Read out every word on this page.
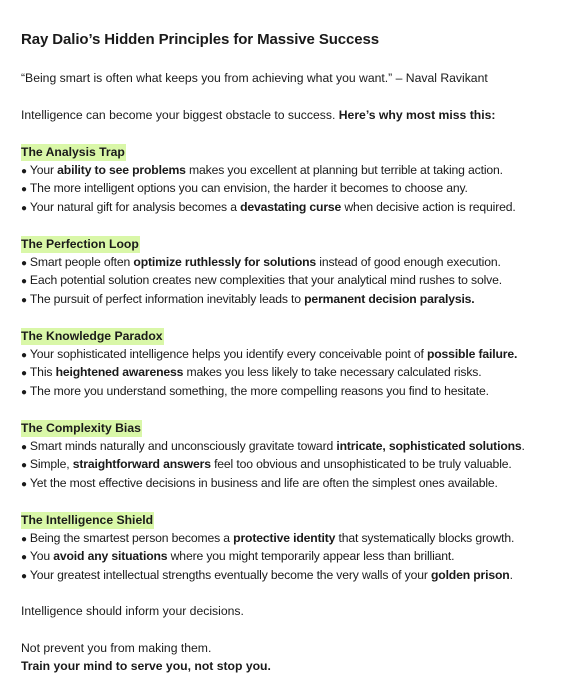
Ray Dalio’s Hidden Principles for Massive Success
“Being smart is often what keeps you from achieving what you want.” – Naval Ravikant
Intelligence can become your biggest obstacle to success. Here’s why most miss this:
The Analysis Trap
● Your ability to see problems makes you excellent at planning but terrible at taking action.
● The more intelligent options you can envision, the harder it becomes to choose any.
● Your natural gift for analysis becomes a devastating curse when decisive action is required.
The Perfection Loop
● Smart people often optimize ruthlessly for solutions instead of good enough execution.
● Each potential solution creates new complexities that your analytical mind rushes to solve.
● The pursuit of perfect information inevitably leads to permanent decision paralysis.
The Knowledge Paradox
● Your sophisticated intelligence helps you identify every conceivable point of possible failure.
● This heightened awareness makes you less likely to take necessary calculated risks.
● The more you understand something, the more compelling reasons you find to hesitate.
The Complexity Bias
● Smart minds naturally and unconsciously gravitate toward intricate, sophisticated solutions.
● Simple, straightforward answers feel too obvious and unsophisticated to be truly valuable.
● Yet the most effective decisions in business and life are often the simplest ones available.
The Intelligence Shield
● Being the smartest person becomes a protective identity that systematically blocks growth.
● You avoid any situations where you might temporarily appear less than brilliant.
● Your greatest intellectual strengths eventually become the very walls of your golden prison.
Intelligence should inform your decisions.
Not prevent you from making them.
Train your mind to serve you, not stop you.
